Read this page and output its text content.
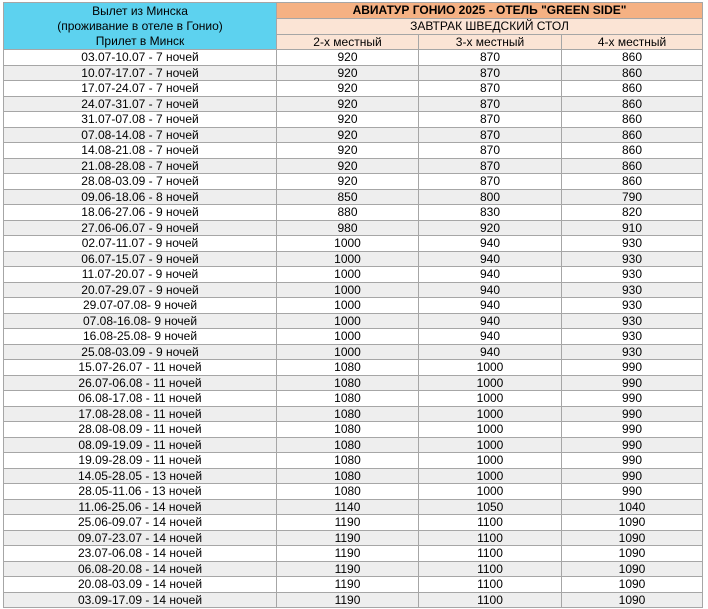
Вылет из Минска
(проживание в отеле в Гонио)
Прилет в Минск	АВИАТУР ГОНИО 2025 - ОТЕЛЬ "GREEN SIDE"		
	ЗАВТРАК ШВЕДСКИЙ СТОЛ		
	2-х местный	3-х местный	4-х местный
03.07-10.07 - 7 ночей	920	870	860
10.07-17.07 - 7 ночей	920	870	860
17.07-24.07 - 7 ночей	920	870	860
24.07-31.07 - 7 ночей	920	870	860
31.07-07.08 - 7 ночей	920	870	860
07.08-14.08 - 7 ночей	920	870	860
14.08-21.08 - 7 ночей	920	870	860
21.08-28.08 - 7 ночей	920	870	860
28.08-03.09 - 7 ночей	920	870	860
09.06-18.06 - 8 ночей	850	800	790
18.06-27.06 - 9 ночей	880	830	820
27.06-06.07 - 9 ночей	980	920	910
02.07-11.07 - 9 ночей	1000	940	930
06.07-15.07 - 9 ночей	1000	940	930
11.07-20.07 - 9 ночей	1000	940	930
20.07-29.07 - 9 ночей	1000	940	930
29.07-07.08- 9 ночей	1000	940	930
07.08-16.08- 9 ночей	1000	940	930
16.08-25.08- 9 ночей	1000	940	930
25.08-03.09 - 9 ночей	1000	940	930
15.07-26.07 - 11 ночей	1080	1000	990
26.07-06.08 - 11 ночей	1080	1000	990
06.08-17.08 - 11 ночей	1080	1000	990
17.08-28.08 - 11 ночей	1080	1000	990
28.08-08.09 - 11 ночей	1080	1000	990
08.09-19.09 - 11 ночей	1080	1000	990
19.09-28.09 - 11 ночей	1080	1000	990
14.05-28.05 - 13 ночей	1080	1000	990
28.05-11.06 - 13 ночей	1080	1000	990
11.06-25.06 - 14 ночей	1140	1050	1040
25.06-09.07 - 14 ночей	1190	1100	1090
09.07-23.07 - 14 ночей	1190	1100	1090
23.07-06.08 - 14 ночей	1190	1100	1090
06.08-20.08 - 14 ночей	1190	1100	1090
20.08-03.09 - 14 ночей	1190	1100	1090
03.09-17.09 - 14 ночей	1190	1100	1090
